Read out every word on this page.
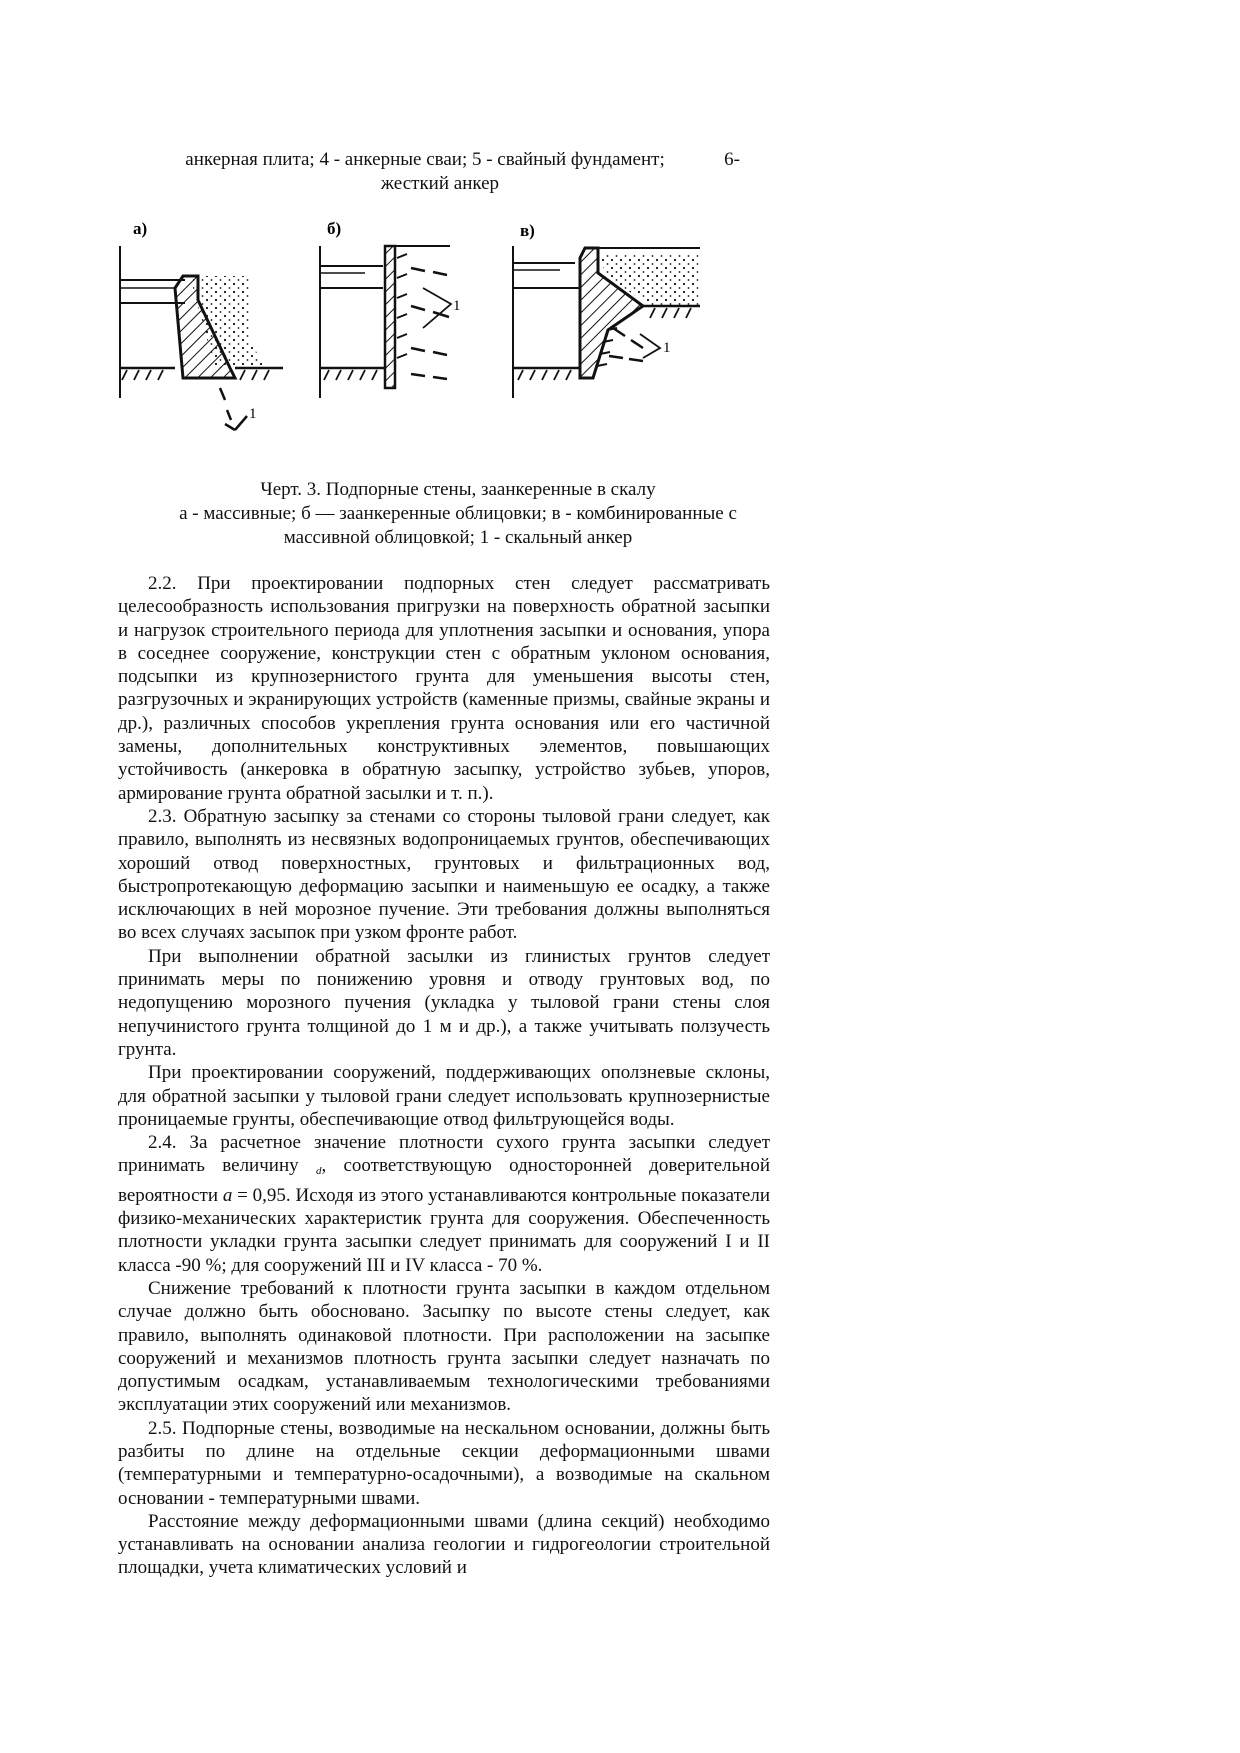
анкерная плита; 4 - анкерные сваи; 5 - свайный фундамент;	6-
жесткий анкер
а)
1
б)
1
в)
1
Черт. 3. Подпорные стены, заанкеренные в скалу
а - массивные; б — заанкеренные облицовки; в - комбинированные с
массивной облицовкой; 1 - скальный анкер

2.2. При проектировании подпорных стен следует рассматривать целесообразность использования пригрузки на поверхность обратной засыпки и нагрузок строительного периода для уплотнения засыпки и основания, упора в соседнее сооружение, конструкции стен с обратным уклоном основания, подсыпки из крупнозернистого грунта для уменьшения высоты стен, разгрузочных и экранирующих устройств (каменные призмы, свайные экраны и др.), различных способов укрепления грунта основания или его частичной замены, дополнительных конструктивных элементов, повышающих устойчивость (анкеровка в обратную засыпку, устройство зубьев, упоров, армирование грунта обратной засылки и т. п.).

2.3. Обратную засыпку за стенами со стороны тыловой грани следует, как правило, выполнять из несвязных водопроницаемых грунтов, обеспечивающих хороший отвод поверхностных, грунтовых и фильтрационных вод, быстропротекающую деформацию засыпки и наименьшую ее осадку, а также исключающих в ней морозное пучение. Эти требования должны выполняться во всех случаях засыпок при узком фронте работ.

При выполнении обратной засылки из глинистых грунтов следует принимать меры по понижению уровня и отводу грунтовых вод, по недопущению морозного пучения (укладка у тыловой грани стены слоя непучинистого грунта толщиной до 1 м и др.), а также учитывать ползучесть грунта.

При проектировании сооружений, поддерживающих оползневые склоны, для обратной засыпки у тыловой грани следует использовать крупнозернистые проницаемые грунты, обеспечивающие отвод фильтрующейся воды.

2.4. За расчетное значение плотности сухого грунта засыпки следует принимать величину $_d$, соответствующую односторонней доверительной вероятности a = 0,95. Исходя из этого устанавливаются контрольные показатели физико-механических характеристик грунта для сооружения. Обеспеченность плотности укладки грунта засыпки следует принимать для сооружений I и II класса -90 %; для сооружений III и IV класса - 70 %.

Снижение требований к плотности грунта засыпки в каждом отдельном случае должно быть обосновано. Засыпку по высоте стены следует, как правило, выполнять одинаковой плотности. При расположении на засыпке сооружений и механизмов плотность грунта засыпки следует назначать по допустимым осадкам, устанавливаемым технологическими требованиями эксплуатации этих сооружений или механизмов.

2.5. Подпорные стены, возводимые на нескальном основании, должны быть разбиты по длине на отдельные секции деформационными швами (температурными и температурно-осадочными), а возводимые на скальном основании - температурными швами.

Расстояние между деформационными швами (длина секций) необходимо устанавливать на основании анализа геологии и гидрогеологии строительной площадки, учета климатических условий и
